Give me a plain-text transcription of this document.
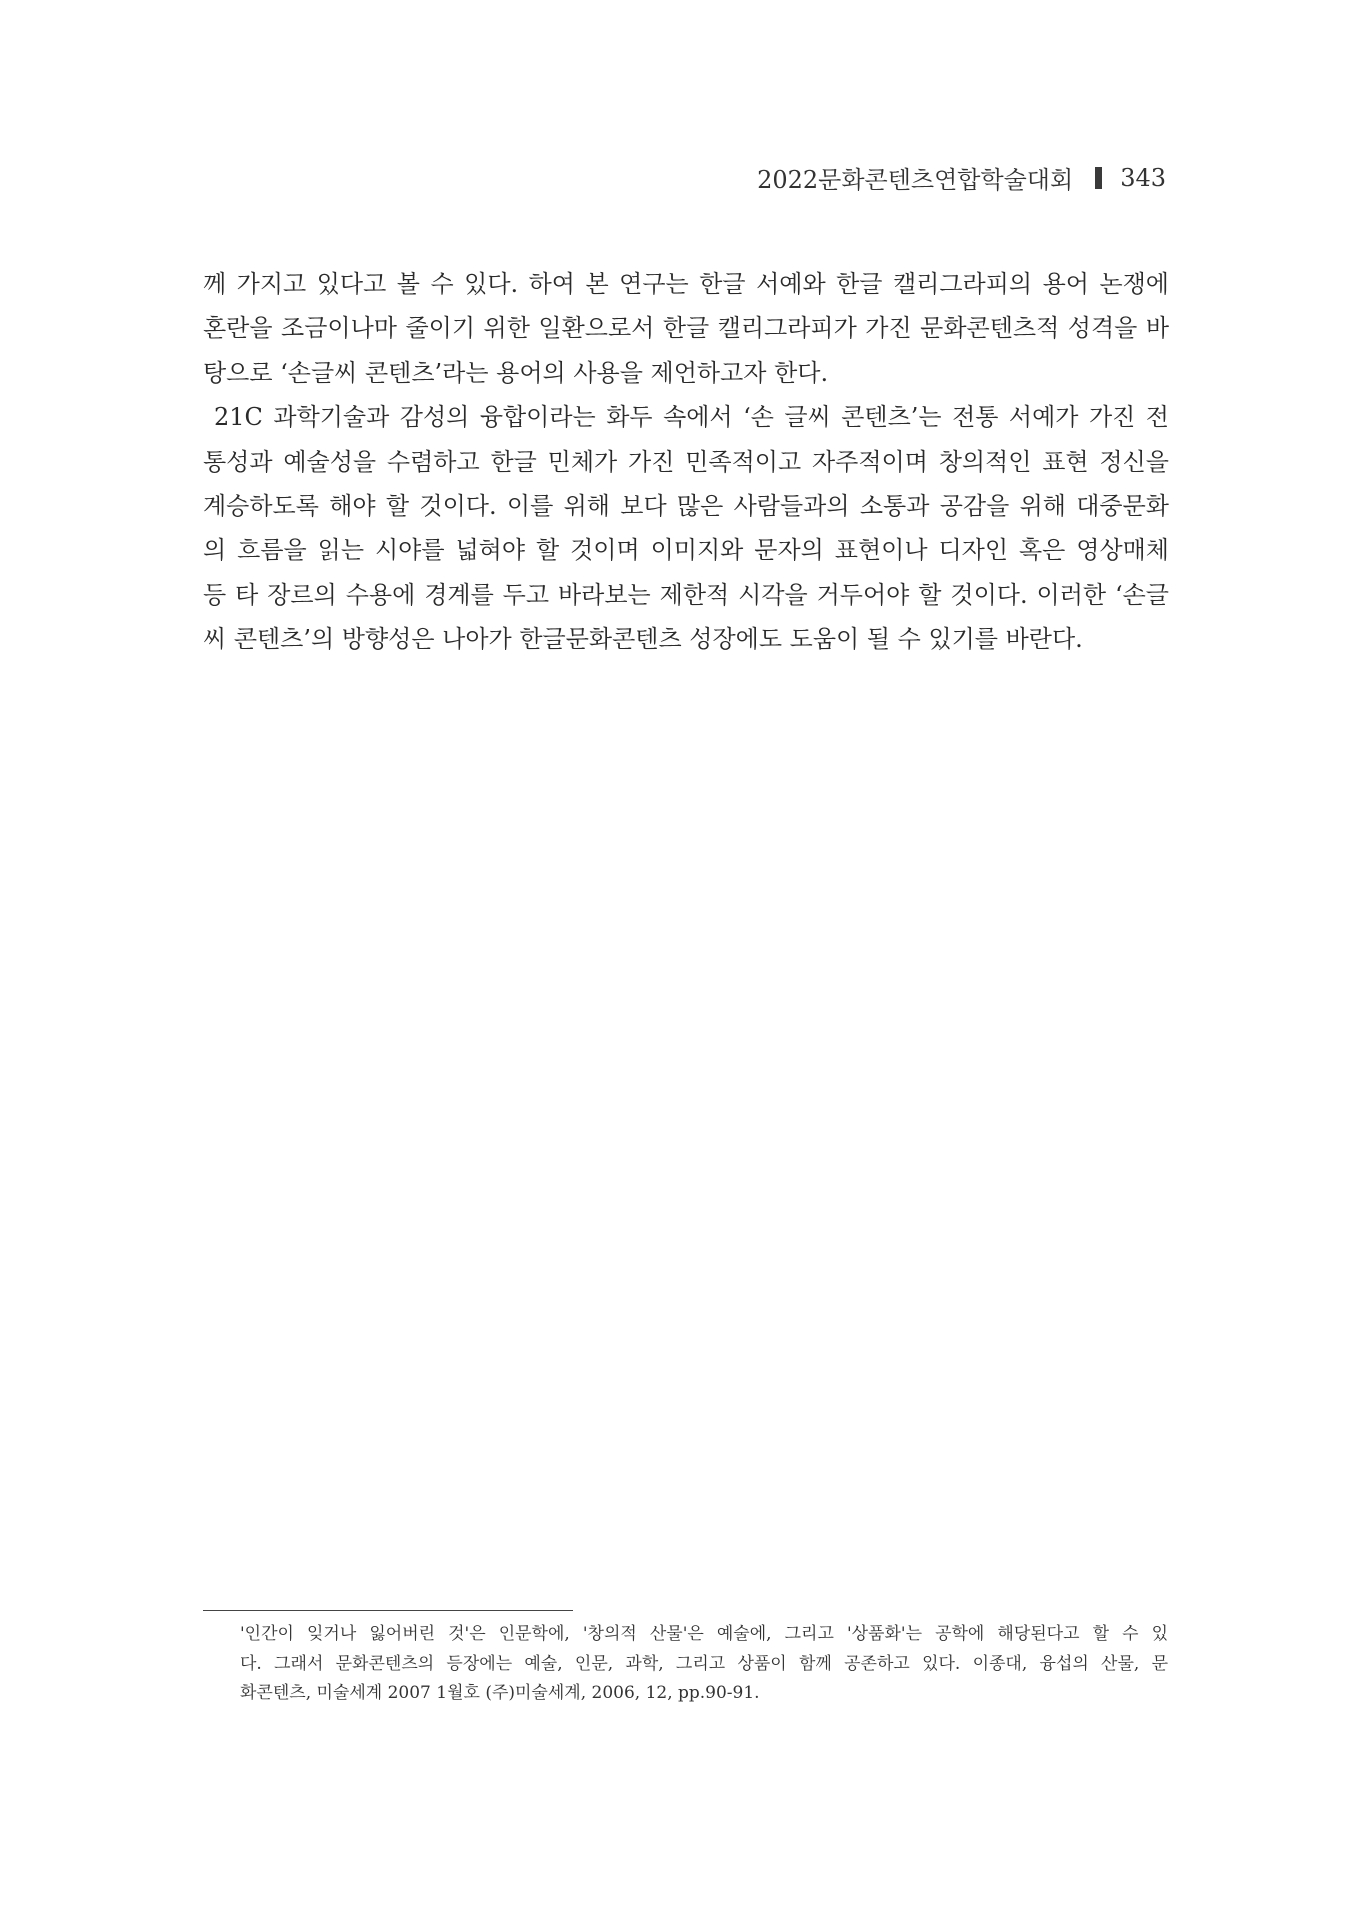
2022문화콘텐츠연합학술대회 343
께 가지고 있다고 볼 수 있다. 하여 본 연구는 한글 서예와 한글 캘리그라피의 용어 논쟁에
혼란을 조금이나마 줄이기 위한 일환으로서 한글 캘리그라피가 가진 문화콘텐츠적 성격을 바
탕으로 ‘손글씨 콘텐츠’라는 용어의 사용을 제언하고자 한다.
21C 과학기술과 감성의 융합이라는 화두 속에서 ‘손 글씨 콘텐츠’는 전통 서예가 가진 전
통성과 예술성을 수렴하고 한글 민체가 가진 민족적이고 자주적이며 창의적인 표현 정신을
계승하도록 해야 할 것이다. 이를 위해 보다 많은 사람들과의 소통과 공감을 위해 대중문화
의 흐름을 읽는 시야를 넓혀야 할 것이며 이미지와 문자의 표현이나 디자인 혹은 영상매체
등 타 장르의 수용에 경계를 두고 바라보는 제한적 시각을 거두어야 할 것이다. 이러한 ‘손글
씨 콘텐츠’의 방향성은 나아가 한글문화콘텐츠 성장에도 도움이 될 수 있기를 바란다.
'인간이 잊거나 잃어버린 것'은 인문학에, '창의적 산물'은 예술에, 그리고 '상품화'는 공학에 해당된다고 할 수 있
다. 그래서 문화콘텐츠의 등장에는 예술, 인문, 과학, 그리고 상품이 함께 공존하고 있다. 이종대, 융섭의 산물, 문
화콘텐츠, 미술세계 2007 1월호 (주)미술세계, 2006, 12, pp.90-91.
